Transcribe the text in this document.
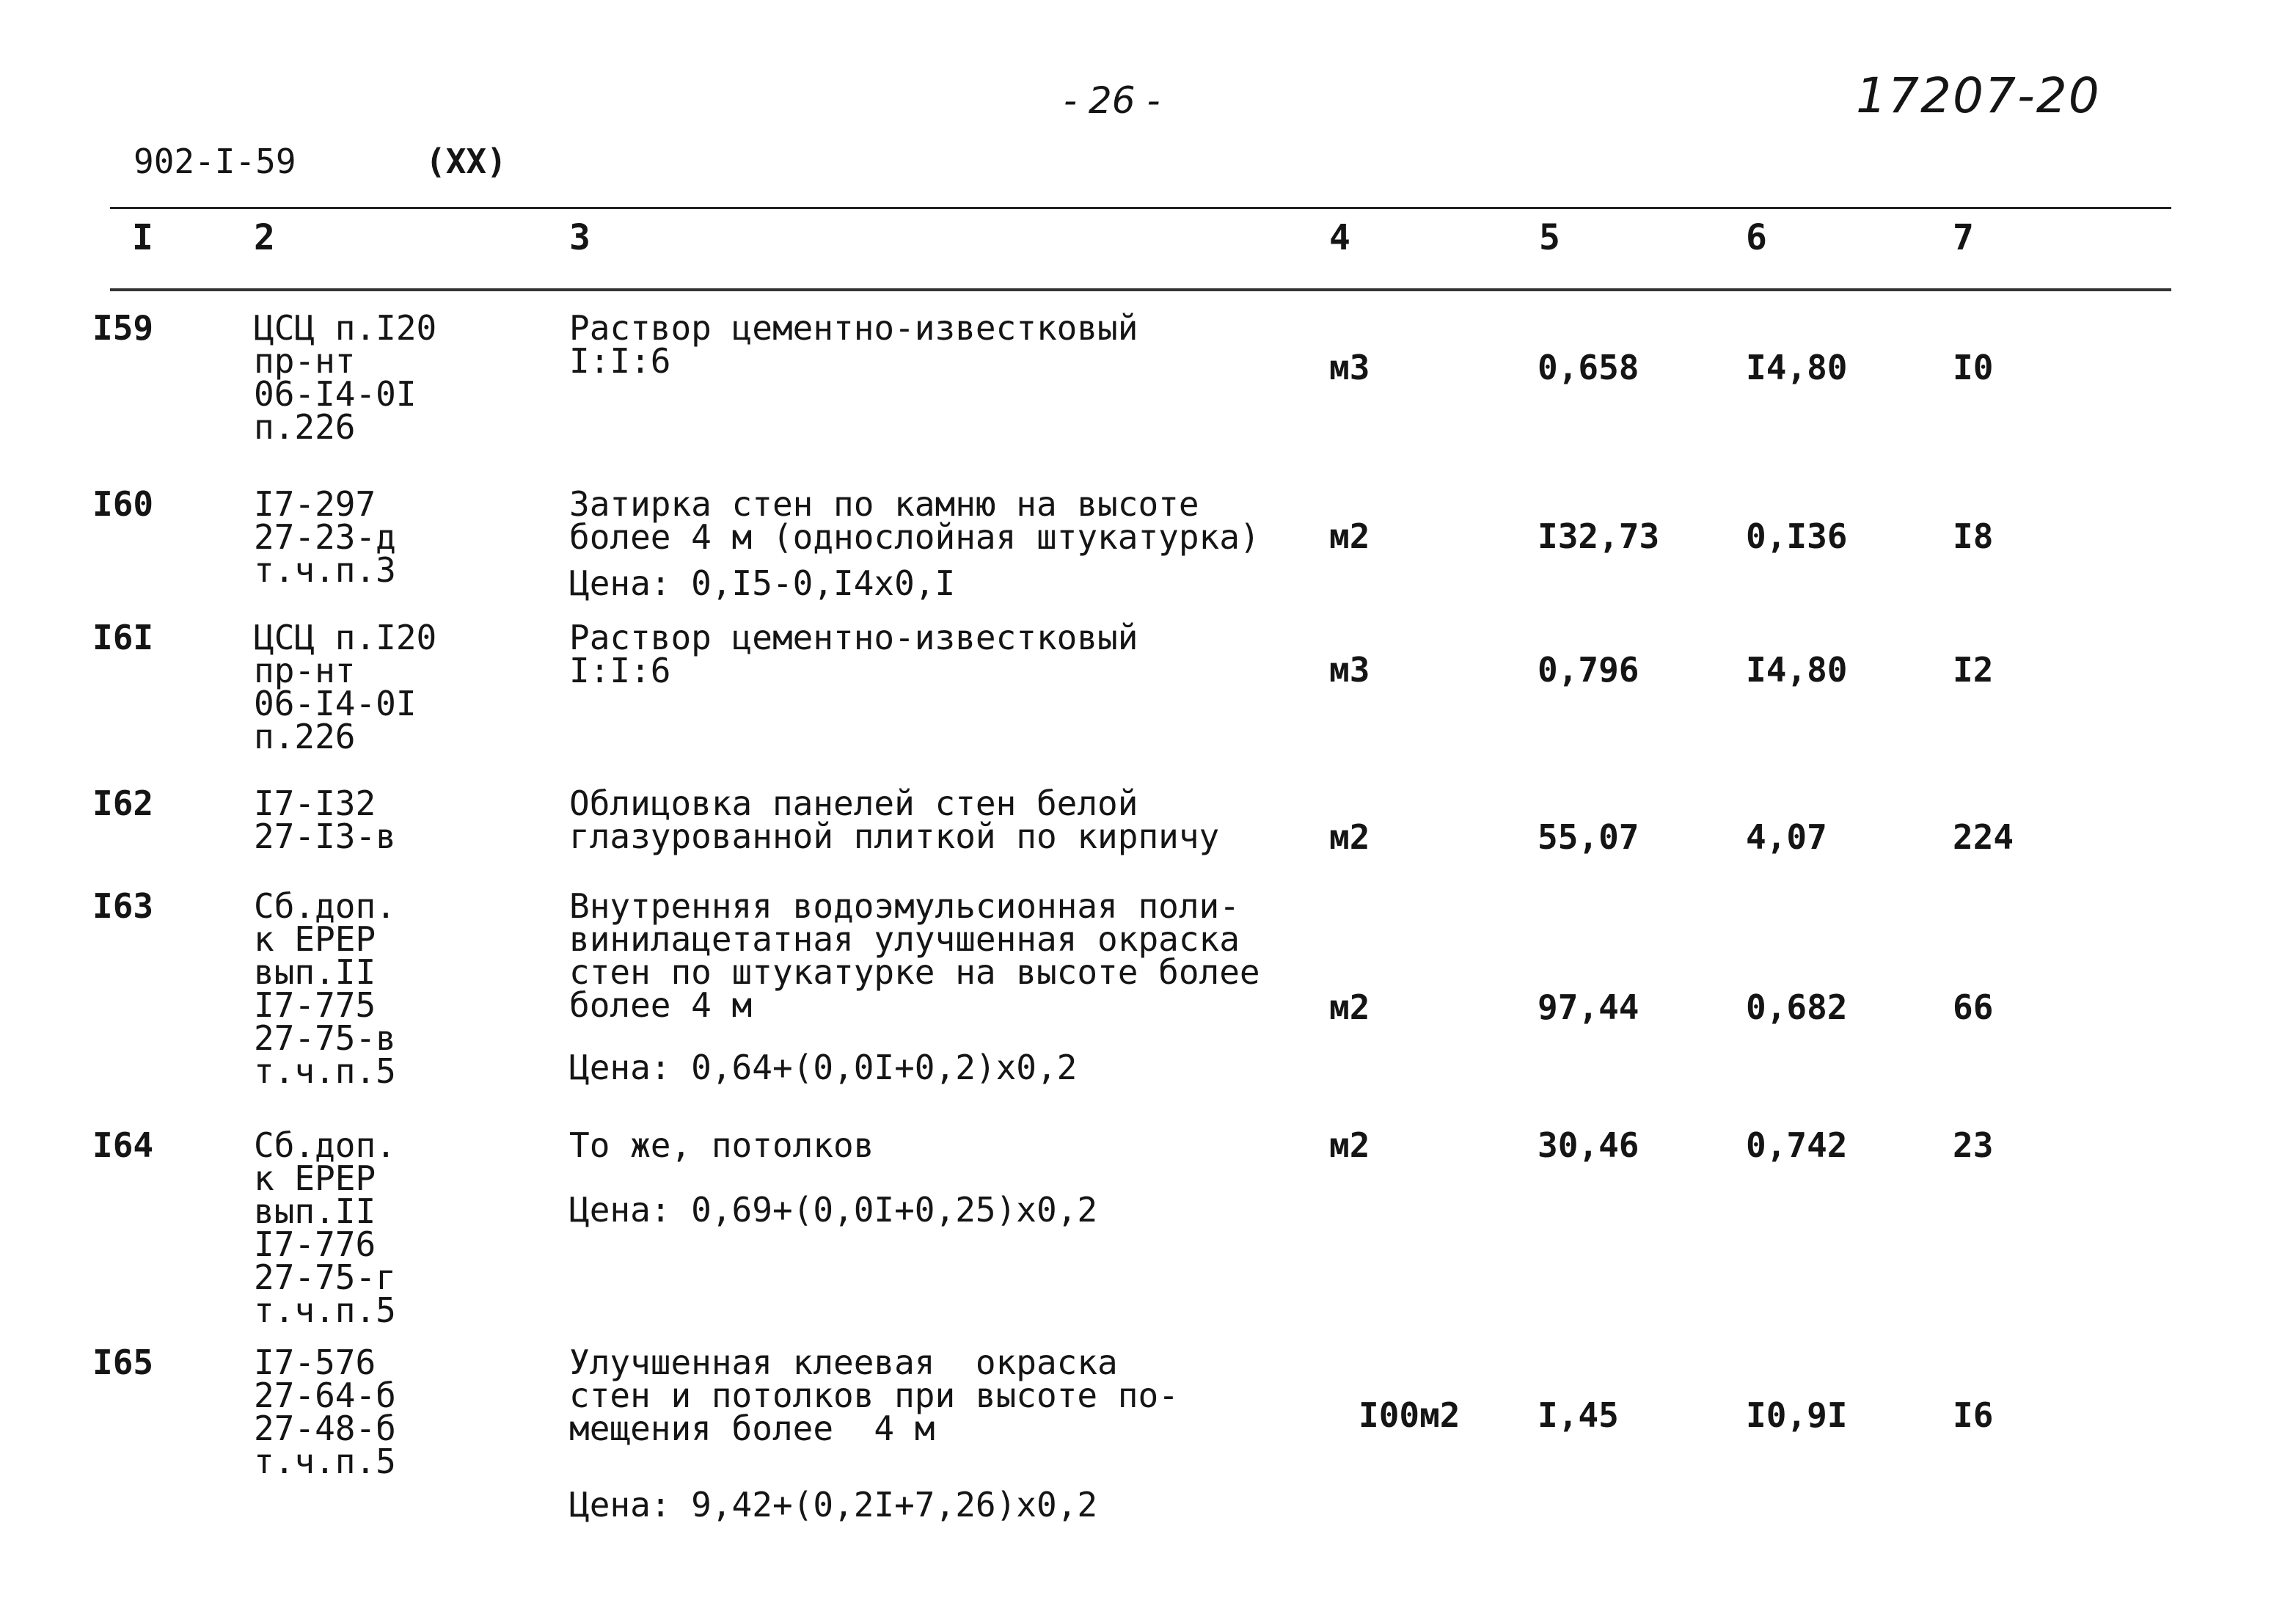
- 26 -	17207-20
902-I-59	(XX)
I	2	3	4	5	6	7
I59	ЦСЦ п.I20
пр-нт
06-I4-0I
п.226
Раствор цементно-известковый
I:I:6	м3	0,658	I4,80	I0
I60	I7-297
27-23-д
т.ч.п.3
Затирка стен по камню на высоте
более 4 м (однослойная штукатурка)
Цена: 0,I5-0,I4х0,I
м2	I32,73	0,I36	I8
I6I	ЦСЦ п.I20
пр-нт
06-I4-0I
п.226
Раствор цементно-известковый
I:I:6	м3	0,796	I4,80	I2
I62	I7-I32
27-I3-в
Облицовка панелей стен белой
глазурованной плиткой по кирпичу	м2	55,07	4,07	224
I63	Сб.доп.
к ЕРЕР
вып.II
I7-775
27-75-в
т.ч.п.5
Внутренняя водоэмульсионная поли-
винилацетатная улучшенная окраска
стен по штукатурке на высоте более
более 4 м
Цена: 0,64+(0,0I+0,2)х0,2
м2	97,44	0,682	66
I64	Сб.доп.
к ЕРЕР
вып.II
I7-776
27-75-г
т.ч.п.5
То же, потолков
Цена: 0,69+(0,0I+0,25)х0,2
м2	30,46	0,742	23
I65	I7-576
27-64-б
27-48-б
т.ч.п.5
Улучшенная клеевая  окраска
стен и потолков при высоте по-
мещения более  4 м
Цена: 9,42+(0,2I+7,26)х0,2
I00м2 I,45	I0,9I	I6
